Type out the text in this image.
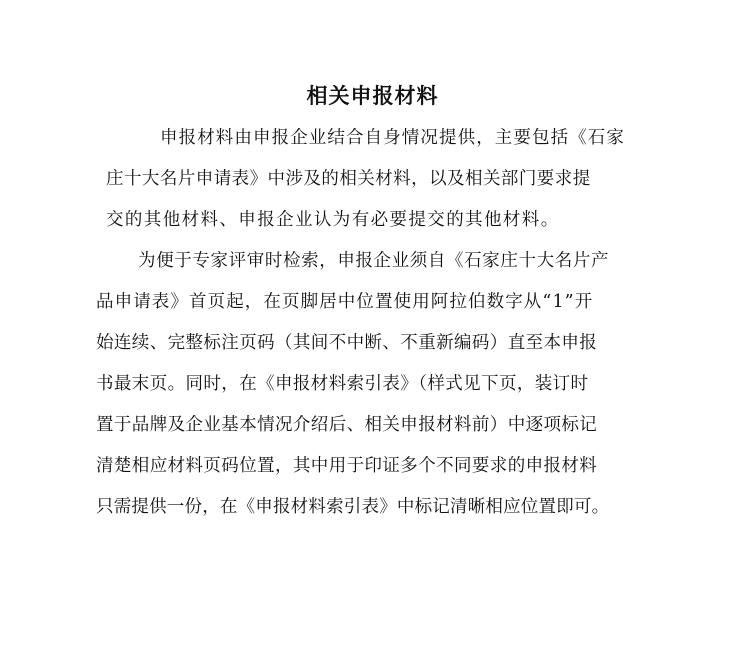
相关申报材料
申报材料由申报企业结合自身情况提供，主要包括《石家
庄十大名片申请表》中涉及的相关材料，以及相关部门要求提
交的其他材料、申报企业认为有必要提交的其他材料。
为便于专家评审时检索，申报企业须自《石家庄十大名片产
品申请表》首页起，在页脚居中位置使用阿拉伯数字从“1”开
始连续、完整标注页码（其间不中断、不重新编码）直至本申报
书最末页。同时，在《申报材料索引表》（样式见下页，装订时
置于品牌及企业基本情况介绍后、相关申报材料前）中逐项标记
清楚相应材料页码位置，其中用于印证多个不同要求的申报材料
只需提供一份，在《申报材料索引表》中标记清晰相应位置即可。
